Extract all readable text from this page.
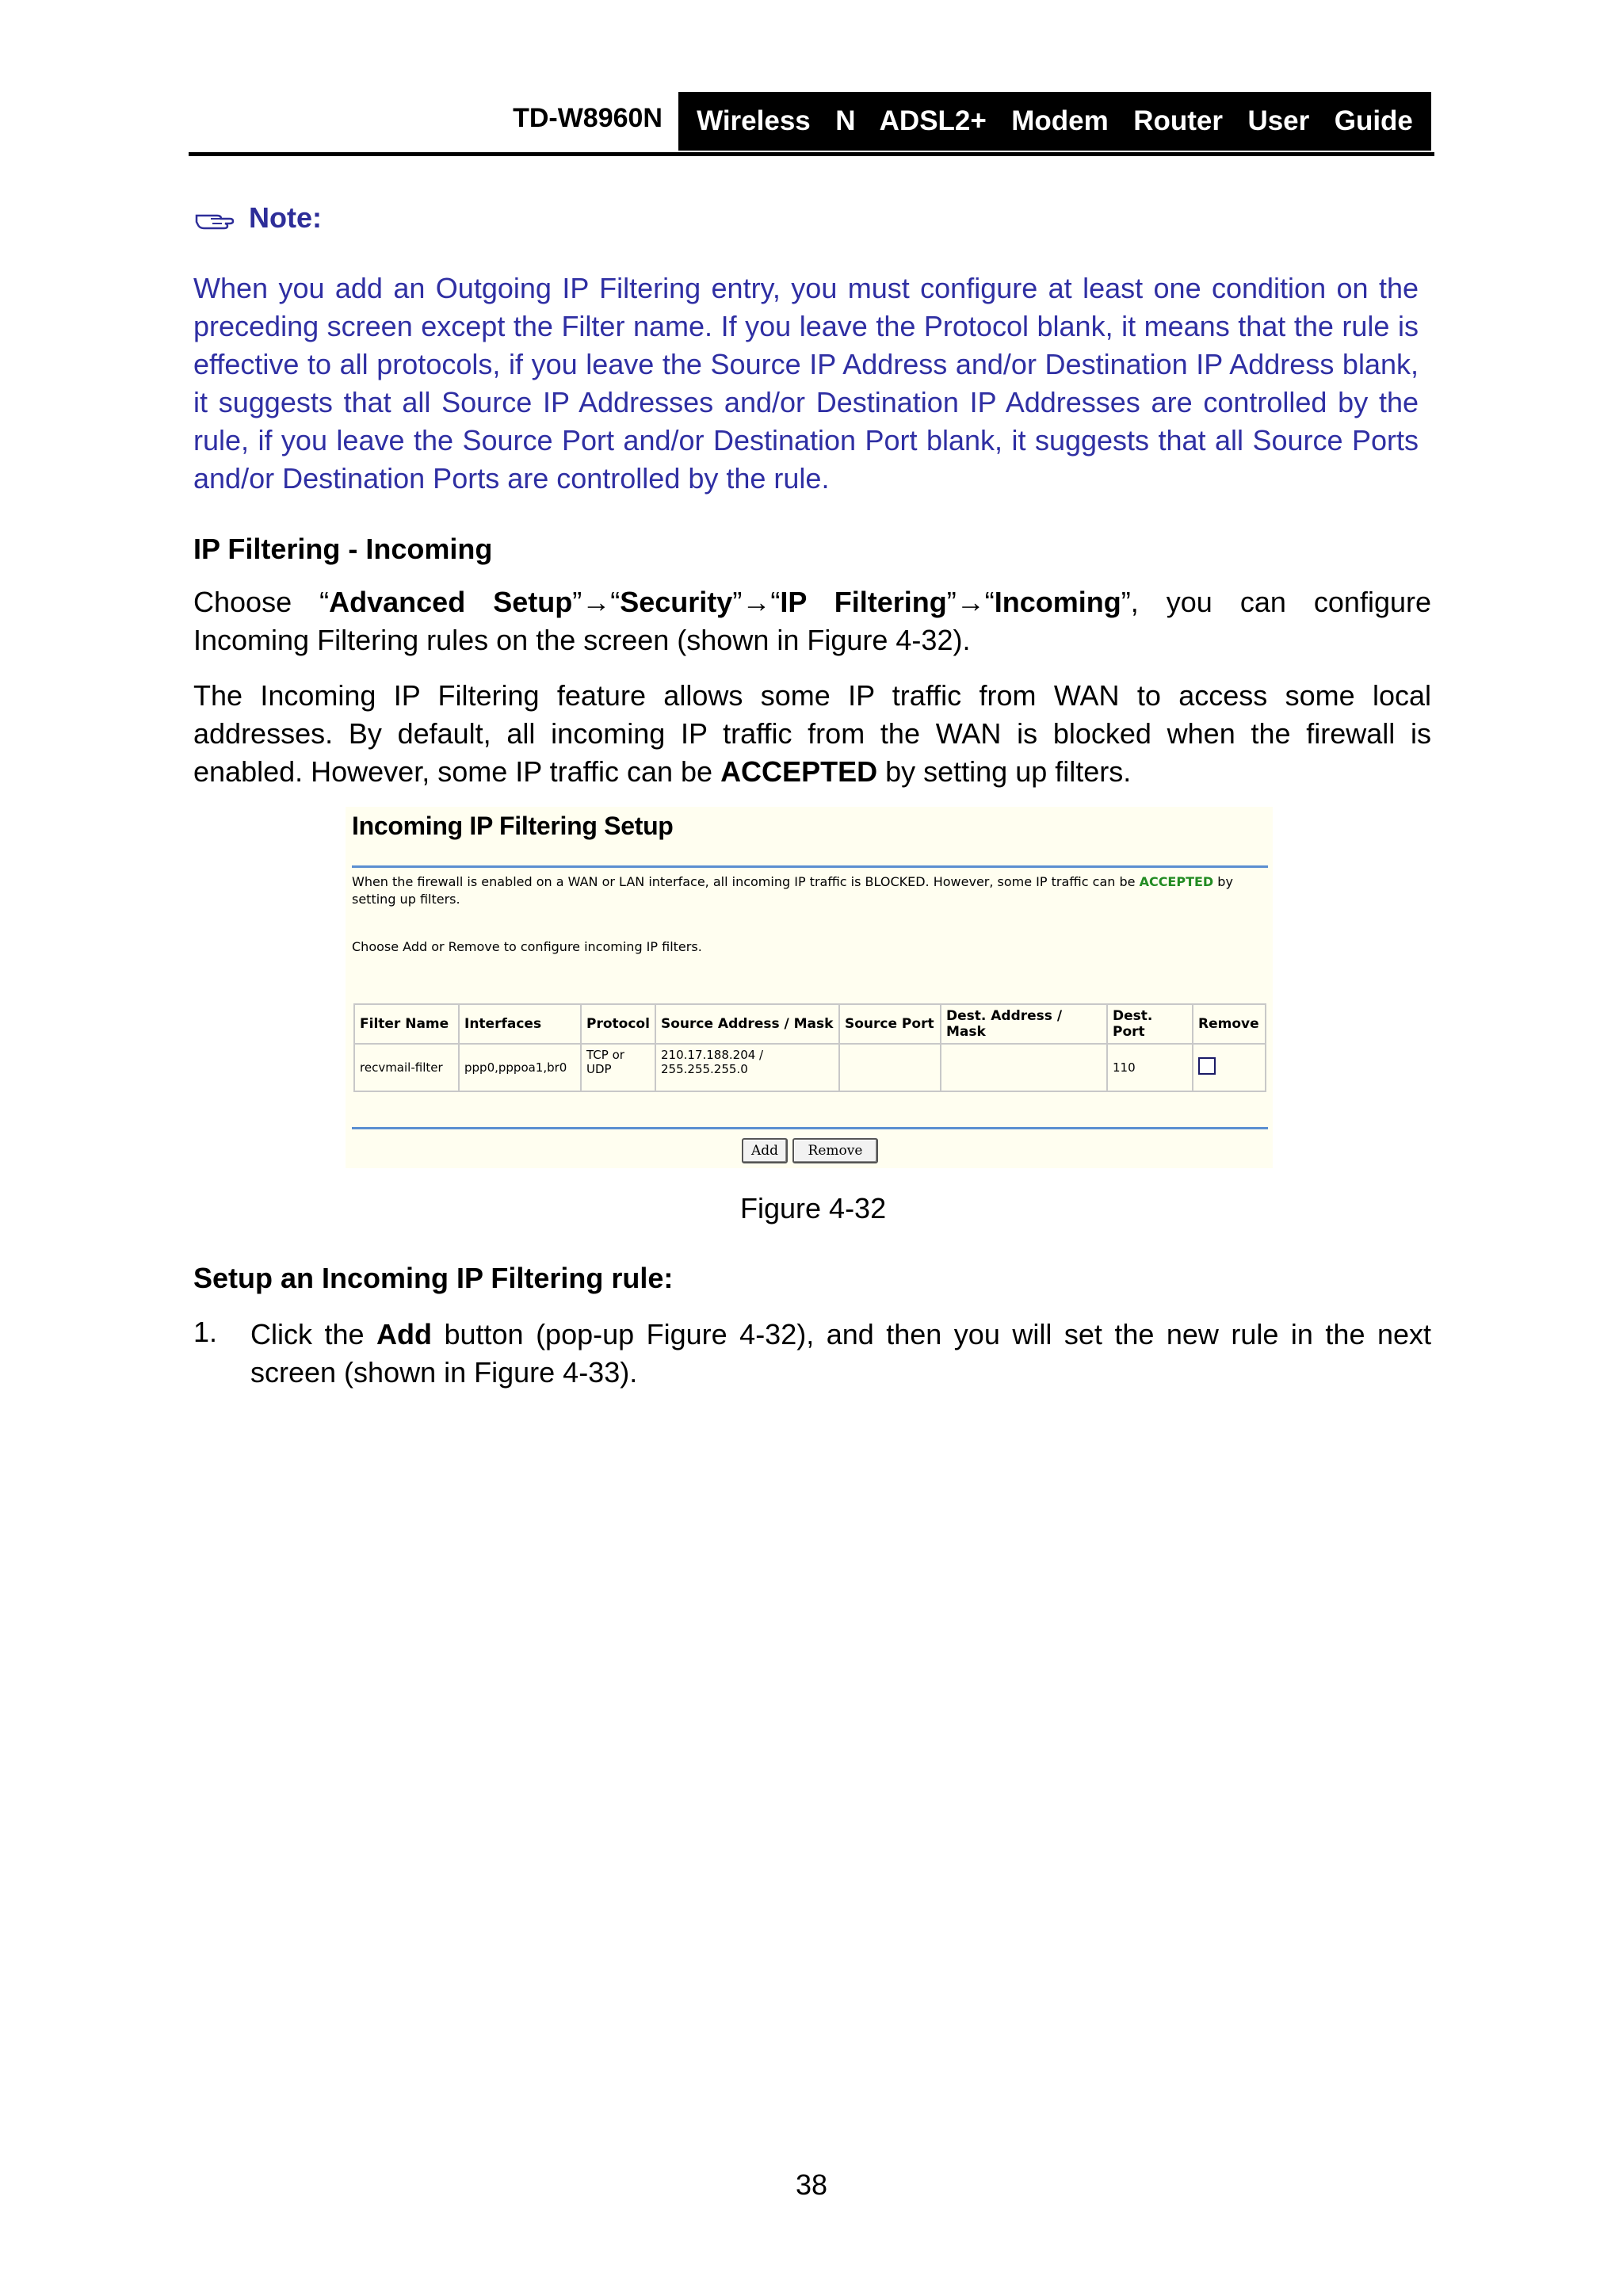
TD-W8960N	Wireless  N  ADSL2+  Modem  Router  User  Guide
Note:
When you add an Outgoing IP Filtering entry, you must configure at least one condition on the preceding screen except the Filter name. If you leave the Protocol blank, it means that the rule is effective to all protocols, if you leave the Source IP Address and/or Destination IP Address blank, it suggests that all Source IP Addresses and/or Destination IP Addresses are controlled by the rule, if you leave the Source Port and/or Destination Port blank, it suggests that all Source Ports and/or Destination Ports are controlled by the rule.
IP Filtering - Incoming
Choose “Advanced Setup”→“Security”→“IP Filtering”→“Incoming”, you can configure Incoming Filtering rules on the screen (shown in Figure 4-32).
The Incoming IP Filtering feature allows some IP traffic from WAN to access some local addresses. By default, all incoming IP traffic from the WAN is blocked when the firewall is enabled. However, some IP traffic can be ACCEPTED by setting up filters.
Incoming IP Filtering Setup
When the firewall is enabled on a WAN or LAN interface, all incoming IP traffic is BLOCKED. However, some IP traffic can be ACCEPTED by setting up filters.
Choose Add or Remove to configure incoming IP filters.
Filter Name	Interfaces	Protocol	Source Address / Mask	Source Port	Dest. Address / Mask	Dest. Port	Remove
recvmail-filter	ppp0,pppoa1,br0	TCP or UDP	210.17.188.204 / 255.255.255.0			110	
Add	Remove
Figure 4-32
Setup an Incoming IP Filtering rule:
1. Click the Add button (pop-up Figure 4-32), and then you will set the new rule in the next screen (shown in Figure 4-33).
38
